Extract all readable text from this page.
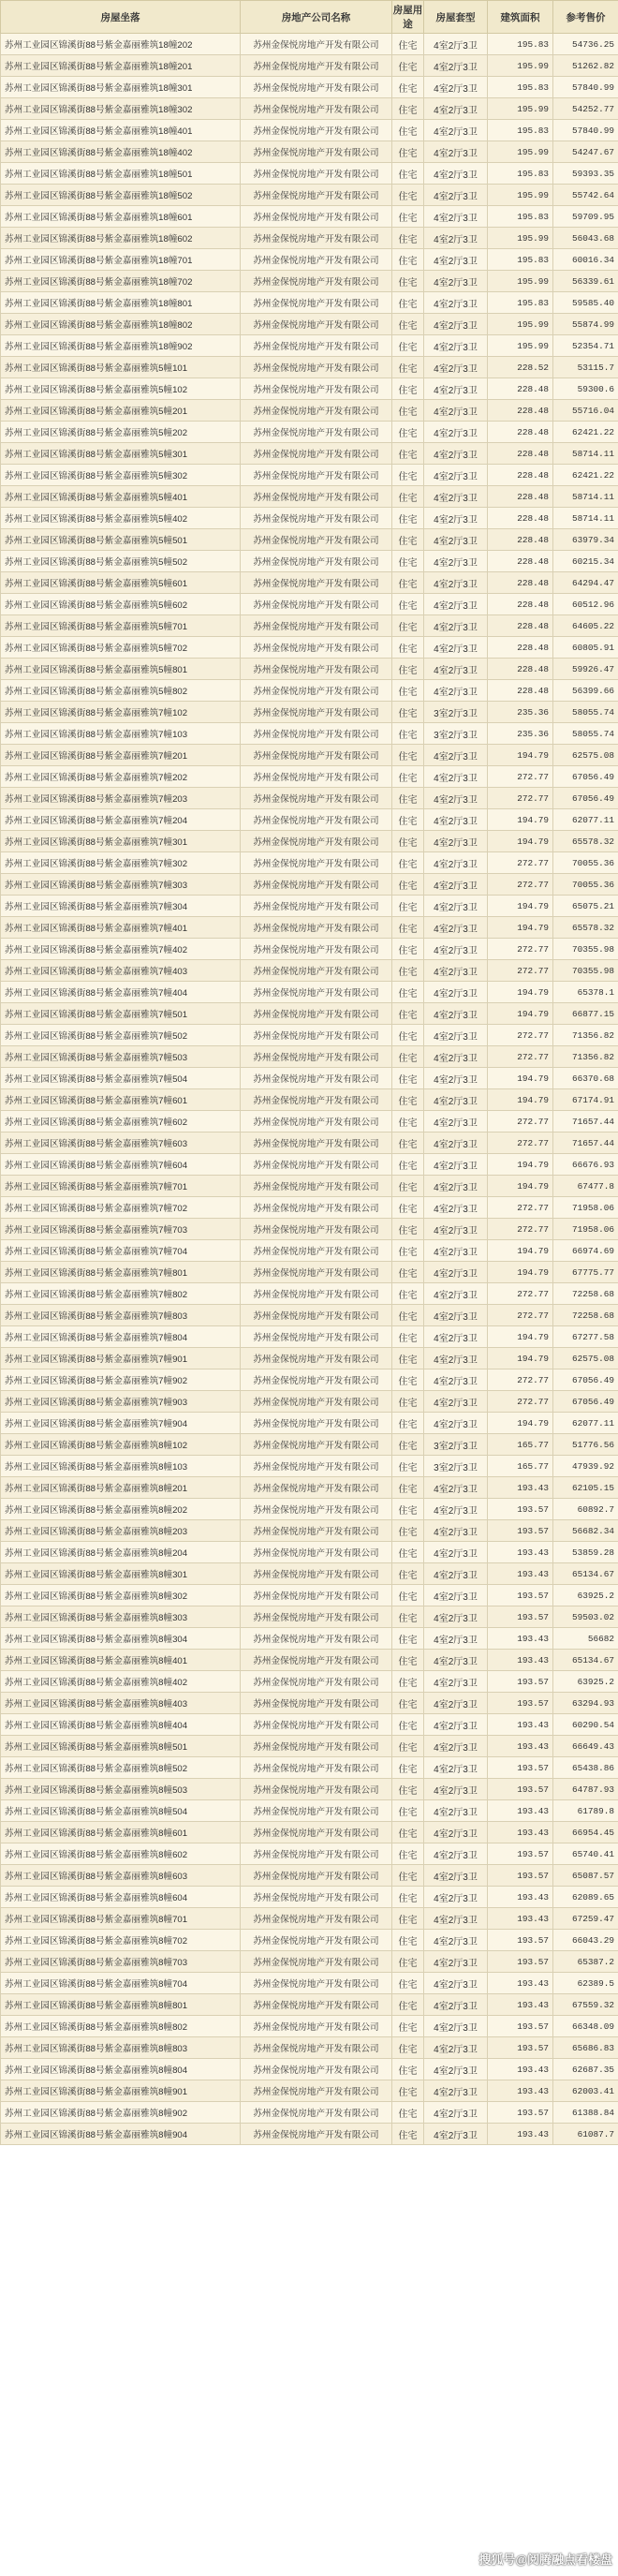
房屋坐落	房地产公司名称	房屋用途	房屋套型	建筑面积	参考售价
苏州工业园区锦溪街88号紫金嘉丽雅筑18幢202	苏州金保悦房地产开发有限公司	住宅	4室2厅3卫	195.83	54736.25
苏州工业园区锦溪街88号紫金嘉丽雅筑18幢201	苏州金保悦房地产开发有限公司	住宅	4室2厅3卫	195.99	51262.82
苏州工业园区锦溪街88号紫金嘉丽雅筑18幢301	苏州金保悦房地产开发有限公司	住宅	4室2厅3卫	195.83	57840.99
苏州工业园区锦溪街88号紫金嘉丽雅筑18幢302	苏州金保悦房地产开发有限公司	住宅	4室2厅3卫	195.99	54252.77
苏州工业园区锦溪街88号紫金嘉丽雅筑18幢401	苏州金保悦房地产开发有限公司	住宅	4室2厅3卫	195.83	57840.99
苏州工业园区锦溪街88号紫金嘉丽雅筑18幢402	苏州金保悦房地产开发有限公司	住宅	4室2厅3卫	195.99	54247.67
苏州工业园区锦溪街88号紫金嘉丽雅筑18幢501	苏州金保悦房地产开发有限公司	住宅	4室2厅3卫	195.83	59393.35
苏州工业园区锦溪街88号紫金嘉丽雅筑18幢502	苏州金保悦房地产开发有限公司	住宅	4室2厅3卫	195.99	55742.64
苏州工业园区锦溪街88号紫金嘉丽雅筑18幢601	苏州金保悦房地产开发有限公司	住宅	4室2厅3卫	195.83	59709.95
苏州工业园区锦溪街88号紫金嘉丽雅筑18幢602	苏州金保悦房地产开发有限公司	住宅	4室2厅3卫	195.99	56043.68
苏州工业园区锦溪街88号紫金嘉丽雅筑18幢701	苏州金保悦房地产开发有限公司	住宅	4室2厅3卫	195.83	60016.34
苏州工业园区锦溪街88号紫金嘉丽雅筑18幢702	苏州金保悦房地产开发有限公司	住宅	4室2厅3卫	195.99	56339.61
苏州工业园区锦溪街88号紫金嘉丽雅筑18幢801	苏州金保悦房地产开发有限公司	住宅	4室2厅3卫	195.83	59585.40
苏州工业园区锦溪街88号紫金嘉丽雅筑18幢802	苏州金保悦房地产开发有限公司	住宅	4室2厅3卫	195.99	55874.99
苏州工业园区锦溪街88号紫金嘉丽雅筑18幢902	苏州金保悦房地产开发有限公司	住宅	4室2厅3卫	195.99	52354.71
苏州工业园区锦溪街88号紫金嘉丽雅筑5幢101	苏州金保悦房地产开发有限公司	住宅	4室2厅3卫	228.52	53115.7
苏州工业园区锦溪街88号紫金嘉丽雅筑5幢102	苏州金保悦房地产开发有限公司	住宅	4室2厅3卫	228.48	59300.6
苏州工业园区锦溪街88号紫金嘉丽雅筑5幢201	苏州金保悦房地产开发有限公司	住宅	4室2厅3卫	228.48	55716.04
苏州工业园区锦溪街88号紫金嘉丽雅筑5幢202	苏州金保悦房地产开发有限公司	住宅	4室2厅3卫	228.48	62421.22
苏州工业园区锦溪街88号紫金嘉丽雅筑5幢301	苏州金保悦房地产开发有限公司	住宅	4室2厅3卫	228.48	58714.11
苏州工业园区锦溪街88号紫金嘉丽雅筑5幢302	苏州金保悦房地产开发有限公司	住宅	4室2厅3卫	228.48	62421.22
苏州工业园区锦溪街88号紫金嘉丽雅筑5幢401	苏州金保悦房地产开发有限公司	住宅	4室2厅3卫	228.48	58714.11
苏州工业园区锦溪街88号紫金嘉丽雅筑5幢402	苏州金保悦房地产开发有限公司	住宅	4室2厅3卫	228.48	58714.11
苏州工业园区锦溪街88号紫金嘉丽雅筑5幢501	苏州金保悦房地产开发有限公司	住宅	4室2厅3卫	228.48	63979.34
苏州工业园区锦溪街88号紫金嘉丽雅筑5幢502	苏州金保悦房地产开发有限公司	住宅	4室2厅3卫	228.48	60215.34
苏州工业园区锦溪街88号紫金嘉丽雅筑5幢601	苏州金保悦房地产开发有限公司	住宅	4室2厅3卫	228.48	64294.47
苏州工业园区锦溪街88号紫金嘉丽雅筑5幢602	苏州金保悦房地产开发有限公司	住宅	4室2厅3卫	228.48	60512.96
苏州工业园区锦溪街88号紫金嘉丽雅筑5幢701	苏州金保悦房地产开发有限公司	住宅	4室2厅3卫	228.48	64605.22
苏州工业园区锦溪街88号紫金嘉丽雅筑5幢702	苏州金保悦房地产开发有限公司	住宅	4室2厅3卫	228.48	60805.91
苏州工业园区锦溪街88号紫金嘉丽雅筑5幢801	苏州金保悦房地产开发有限公司	住宅	4室2厅3卫	228.48	59926.47
苏州工业园区锦溪街88号紫金嘉丽雅筑5幢802	苏州金保悦房地产开发有限公司	住宅	4室2厅3卫	228.48	56399.66
苏州工业园区锦溪街88号紫金嘉丽雅筑7幢102	苏州金保悦房地产开发有限公司	住宅	3室2厅3卫	235.36	58055.74
苏州工业园区锦溪街88号紫金嘉丽雅筑7幢103	苏州金保悦房地产开发有限公司	住宅	3室2厅3卫	235.36	58055.74
苏州工业园区锦溪街88号紫金嘉丽雅筑7幢201	苏州金保悦房地产开发有限公司	住宅	4室2厅3卫	194.79	62575.08
苏州工业园区锦溪街88号紫金嘉丽雅筑7幢202	苏州金保悦房地产开发有限公司	住宅	4室2厅3卫	272.77	67056.49
苏州工业园区锦溪街88号紫金嘉丽雅筑7幢203	苏州金保悦房地产开发有限公司	住宅	4室2厅3卫	272.77	67056.49
苏州工业园区锦溪街88号紫金嘉丽雅筑7幢204	苏州金保悦房地产开发有限公司	住宅	4室2厅3卫	194.79	62077.11
苏州工业园区锦溪街88号紫金嘉丽雅筑7幢301	苏州金保悦房地产开发有限公司	住宅	4室2厅3卫	194.79	65578.32
苏州工业园区锦溪街88号紫金嘉丽雅筑7幢302	苏州金保悦房地产开发有限公司	住宅	4室2厅3卫	272.77	70055.36
苏州工业园区锦溪街88号紫金嘉丽雅筑7幢303	苏州金保悦房地产开发有限公司	住宅	4室2厅3卫	272.77	70055.36
苏州工业园区锦溪街88号紫金嘉丽雅筑7幢304	苏州金保悦房地产开发有限公司	住宅	4室2厅3卫	194.79	65075.21
苏州工业园区锦溪街88号紫金嘉丽雅筑7幢401	苏州金保悦房地产开发有限公司	住宅	4室2厅3卫	194.79	65578.32
苏州工业园区锦溪街88号紫金嘉丽雅筑7幢402	苏州金保悦房地产开发有限公司	住宅	4室2厅3卫	272.77	70355.98
苏州工业园区锦溪街88号紫金嘉丽雅筑7幢403	苏州金保悦房地产开发有限公司	住宅	4室2厅3卫	272.77	70355.98
苏州工业园区锦溪街88号紫金嘉丽雅筑7幢404	苏州金保悦房地产开发有限公司	住宅	4室2厅3卫	194.79	65378.1
苏州工业园区锦溪街88号紫金嘉丽雅筑7幢501	苏州金保悦房地产开发有限公司	住宅	4室2厅3卫	194.79	66877.15
苏州工业园区锦溪街88号紫金嘉丽雅筑7幢502	苏州金保悦房地产开发有限公司	住宅	4室2厅3卫	272.77	71356.82
苏州工业园区锦溪街88号紫金嘉丽雅筑7幢503	苏州金保悦房地产开发有限公司	住宅	4室2厅3卫	272.77	71356.82
苏州工业园区锦溪街88号紫金嘉丽雅筑7幢504	苏州金保悦房地产开发有限公司	住宅	4室2厅3卫	194.79	66370.68
苏州工业园区锦溪街88号紫金嘉丽雅筑7幢601	苏州金保悦房地产开发有限公司	住宅	4室2厅3卫	194.79	67174.91
苏州工业园区锦溪街88号紫金嘉丽雅筑7幢602	苏州金保悦房地产开发有限公司	住宅	4室2厅3卫	272.77	71657.44
苏州工业园区锦溪街88号紫金嘉丽雅筑7幢603	苏州金保悦房地产开发有限公司	住宅	4室2厅3卫	272.77	71657.44
苏州工业园区锦溪街88号紫金嘉丽雅筑7幢604	苏州金保悦房地产开发有限公司	住宅	4室2厅3卫	194.79	66676.93
苏州工业园区锦溪街88号紫金嘉丽雅筑7幢701	苏州金保悦房地产开发有限公司	住宅	4室2厅3卫	194.79	67477.8
苏州工业园区锦溪街88号紫金嘉丽雅筑7幢702	苏州金保悦房地产开发有限公司	住宅	4室2厅3卫	272.77	71958.06
苏州工业园区锦溪街88号紫金嘉丽雅筑7幢703	苏州金保悦房地产开发有限公司	住宅	4室2厅3卫	272.77	71958.06
苏州工业园区锦溪街88号紫金嘉丽雅筑7幢704	苏州金保悦房地产开发有限公司	住宅	4室2厅3卫	194.79	66974.69
苏州工业园区锦溪街88号紫金嘉丽雅筑7幢801	苏州金保悦房地产开发有限公司	住宅	4室2厅3卫	194.79	67775.77
苏州工业园区锦溪街88号紫金嘉丽雅筑7幢802	苏州金保悦房地产开发有限公司	住宅	4室2厅3卫	272.77	72258.68
苏州工业园区锦溪街88号紫金嘉丽雅筑7幢803	苏州金保悦房地产开发有限公司	住宅	4室2厅3卫	272.77	72258.68
苏州工业园区锦溪街88号紫金嘉丽雅筑7幢804	苏州金保悦房地产开发有限公司	住宅	4室2厅3卫	194.79	67277.58
苏州工业园区锦溪街88号紫金嘉丽雅筑7幢901	苏州金保悦房地产开发有限公司	住宅	4室2厅3卫	194.79	62575.08
苏州工业园区锦溪街88号紫金嘉丽雅筑7幢902	苏州金保悦房地产开发有限公司	住宅	4室2厅3卫	272.77	67056.49
苏州工业园区锦溪街88号紫金嘉丽雅筑7幢903	苏州金保悦房地产开发有限公司	住宅	4室2厅3卫	272.77	67056.49
苏州工业园区锦溪街88号紫金嘉丽雅筑7幢904	苏州金保悦房地产开发有限公司	住宅	4室2厅3卫	194.79	62077.11
苏州工业园区锦溪街88号紫金嘉丽雅筑8幢102	苏州金保悦房地产开发有限公司	住宅	3室2厅3卫	165.77	51776.56
苏州工业园区锦溪街88号紫金嘉丽雅筑8幢103	苏州金保悦房地产开发有限公司	住宅	3室2厅3卫	165.77	47939.92
苏州工业园区锦溪街88号紫金嘉丽雅筑8幢201	苏州金保悦房地产开发有限公司	住宅	4室2厅3卫	193.43	62105.15
苏州工业园区锦溪街88号紫金嘉丽雅筑8幢202	苏州金保悦房地产开发有限公司	住宅	4室2厅3卫	193.57	60892.7
苏州工业园区锦溪街88号紫金嘉丽雅筑8幢203	苏州金保悦房地产开发有限公司	住宅	4室2厅3卫	193.57	56682.34
苏州工业园区锦溪街88号紫金嘉丽雅筑8幢204	苏州金保悦房地产开发有限公司	住宅	4室2厅3卫	193.43	53859.28
苏州工业园区锦溪街88号紫金嘉丽雅筑8幢301	苏州金保悦房地产开发有限公司	住宅	4室2厅3卫	193.43	65134.67
苏州工业园区锦溪街88号紫金嘉丽雅筑8幢302	苏州金保悦房地产开发有限公司	住宅	4室2厅3卫	193.57	63925.2
苏州工业园区锦溪街88号紫金嘉丽雅筑8幢303	苏州金保悦房地产开发有限公司	住宅	4室2厅3卫	193.57	59503.02
苏州工业园区锦溪街88号紫金嘉丽雅筑8幢304	苏州金保悦房地产开发有限公司	住宅	4室2厅3卫	193.43	56682
苏州工业园区锦溪街88号紫金嘉丽雅筑8幢401	苏州金保悦房地产开发有限公司	住宅	4室2厅3卫	193.43	65134.67
苏州工业园区锦溪街88号紫金嘉丽雅筑8幢402	苏州金保悦房地产开发有限公司	住宅	4室2厅3卫	193.57	63925.2
苏州工业园区锦溪街88号紫金嘉丽雅筑8幢403	苏州金保悦房地产开发有限公司	住宅	4室2厅3卫	193.57	63294.93
苏州工业园区锦溪街88号紫金嘉丽雅筑8幢404	苏州金保悦房地产开发有限公司	住宅	4室2厅3卫	193.43	60290.54
苏州工业园区锦溪街88号紫金嘉丽雅筑8幢501	苏州金保悦房地产开发有限公司	住宅	4室2厅3卫	193.43	66649.43
苏州工业园区锦溪街88号紫金嘉丽雅筑8幢502	苏州金保悦房地产开发有限公司	住宅	4室2厅3卫	193.57	65438.86
苏州工业园区锦溪街88号紫金嘉丽雅筑8幢503	苏州金保悦房地产开发有限公司	住宅	4室2厅3卫	193.57	64787.93
苏州工业园区锦溪街88号紫金嘉丽雅筑8幢504	苏州金保悦房地产开发有限公司	住宅	4室2厅3卫	193.43	61789.8
苏州工业园区锦溪街88号紫金嘉丽雅筑8幢601	苏州金保悦房地产开发有限公司	住宅	4室2厅3卫	193.43	66954.45
苏州工业园区锦溪街88号紫金嘉丽雅筑8幢602	苏州金保悦房地产开发有限公司	住宅	4室2厅3卫	193.57	65740.41
苏州工业园区锦溪街88号紫金嘉丽雅筑8幢603	苏州金保悦房地产开发有限公司	住宅	4室2厅3卫	193.57	65087.57
苏州工业园区锦溪街88号紫金嘉丽雅筑8幢604	苏州金保悦房地产开发有限公司	住宅	4室2厅3卫	193.43	62089.65
苏州工业园区锦溪街88号紫金嘉丽雅筑8幢701	苏州金保悦房地产开发有限公司	住宅	4室2厅3卫	193.43	67259.47
苏州工业园区锦溪街88号紫金嘉丽雅筑8幢702	苏州金保悦房地产开发有限公司	住宅	4室2厅3卫	193.57	66043.29
苏州工业园区锦溪街88号紫金嘉丽雅筑8幢703	苏州金保悦房地产开发有限公司	住宅	4室2厅3卫	193.57	65387.2
苏州工业园区锦溪街88号紫金嘉丽雅筑8幢704	苏州金保悦房地产开发有限公司	住宅	4室2厅3卫	193.43	62389.5
苏州工业园区锦溪街88号紫金嘉丽雅筑8幢801	苏州金保悦房地产开发有限公司	住宅	4室2厅3卫	193.43	67559.32
苏州工业园区锦溪街88号紫金嘉丽雅筑8幢802	苏州金保悦房地产开发有限公司	住宅	4室2厅3卫	193.57	66348.09
苏州工业园区锦溪街88号紫金嘉丽雅筑8幢803	苏州金保悦房地产开发有限公司	住宅	4室2厅3卫	193.57	65686.83
苏州工业园区锦溪街88号紫金嘉丽雅筑8幢804	苏州金保悦房地产开发有限公司	住宅	4室2厅3卫	193.43	62687.35
苏州工业园区锦溪街88号紫金嘉丽雅筑8幢901	苏州金保悦房地产开发有限公司	住宅	4室2厅3卫	193.43	62003.41
苏州工业园区锦溪街88号紫金嘉丽雅筑8幢902	苏州金保悦房地产开发有限公司	住宅	4室2厅3卫	193.57	61388.84
苏州工业园区锦溪街88号紫金嘉丽雅筑8幢904	苏州金保悦房地产开发有限公司	住宅	4室2厅3卫	193.43	61087.7
搜狐号@阅腾融点看楼盘
